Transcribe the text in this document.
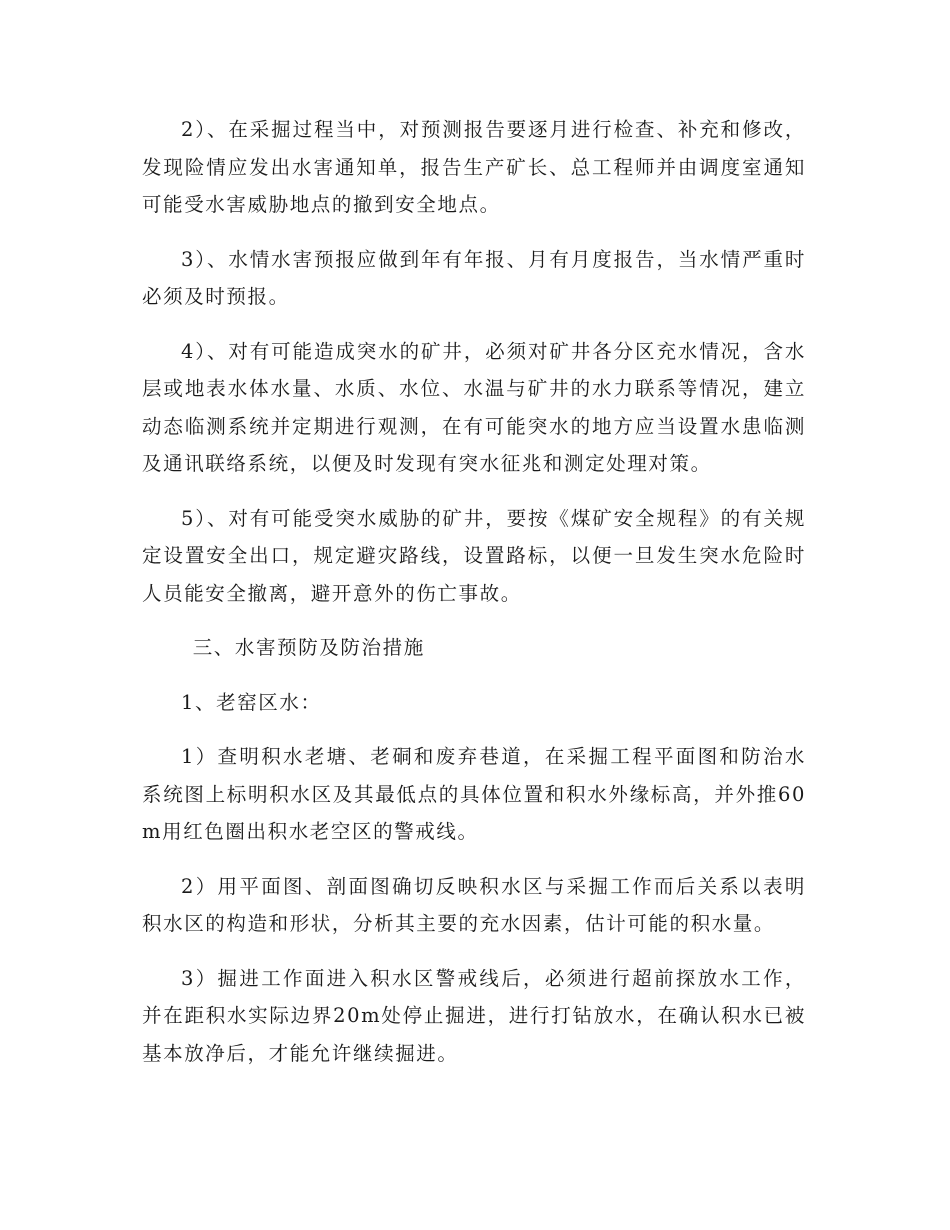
2）、在采掘过程当中，对预测报告要逐月进行检查、补充和修改，发现险情应发出水害通知单，报告生产矿长、总工程师并由调度室通知可能受水害威胁地点的撤到安全地点。

3）、水情水害预报应做到年有年报、月有月度报告，当水情严重时必须及时预报。

4）、对有可能造成突水的矿井，必须对矿井各分区充水情况，含水层或地表水体水量、水质、水位、水温与矿井的水力联系等情况，建立动态临测系统并定期进行观测，在有可能突水的地方应当设置水患临测及通讯联络系统，以便及时发现有突水征兆和测定处理对策。

5）、对有可能受突水威胁的矿井，要按《煤矿安全规程》的有关规定设置安全出口，规定避灾路线，设置路标，以便一旦发生突水危险时人员能安全撤离，避开意外的伤亡事故。

三、水害预防及防治措施

1、老窑区水：

1）查明积水老塘、老硐和废弃巷道，在采掘工程平面图和防治水系统图上标明积水区及其最低点的具体位置和积水外缘标高，并外推60m用红色圈出积水老空区的警戒线。

2）用平面图、剖面图确切反映积水区与采掘工作而后关系以表明积水区的构造和形状，分析其主要的充水因素，估计可能的积水量。

3）掘进工作面进入积水区警戒线后，必须进行超前探放水工作，并在距积水实际边界20m处停止掘进，进行打钻放水，在确认积水已被基本放净后，才能允许继续掘进。
